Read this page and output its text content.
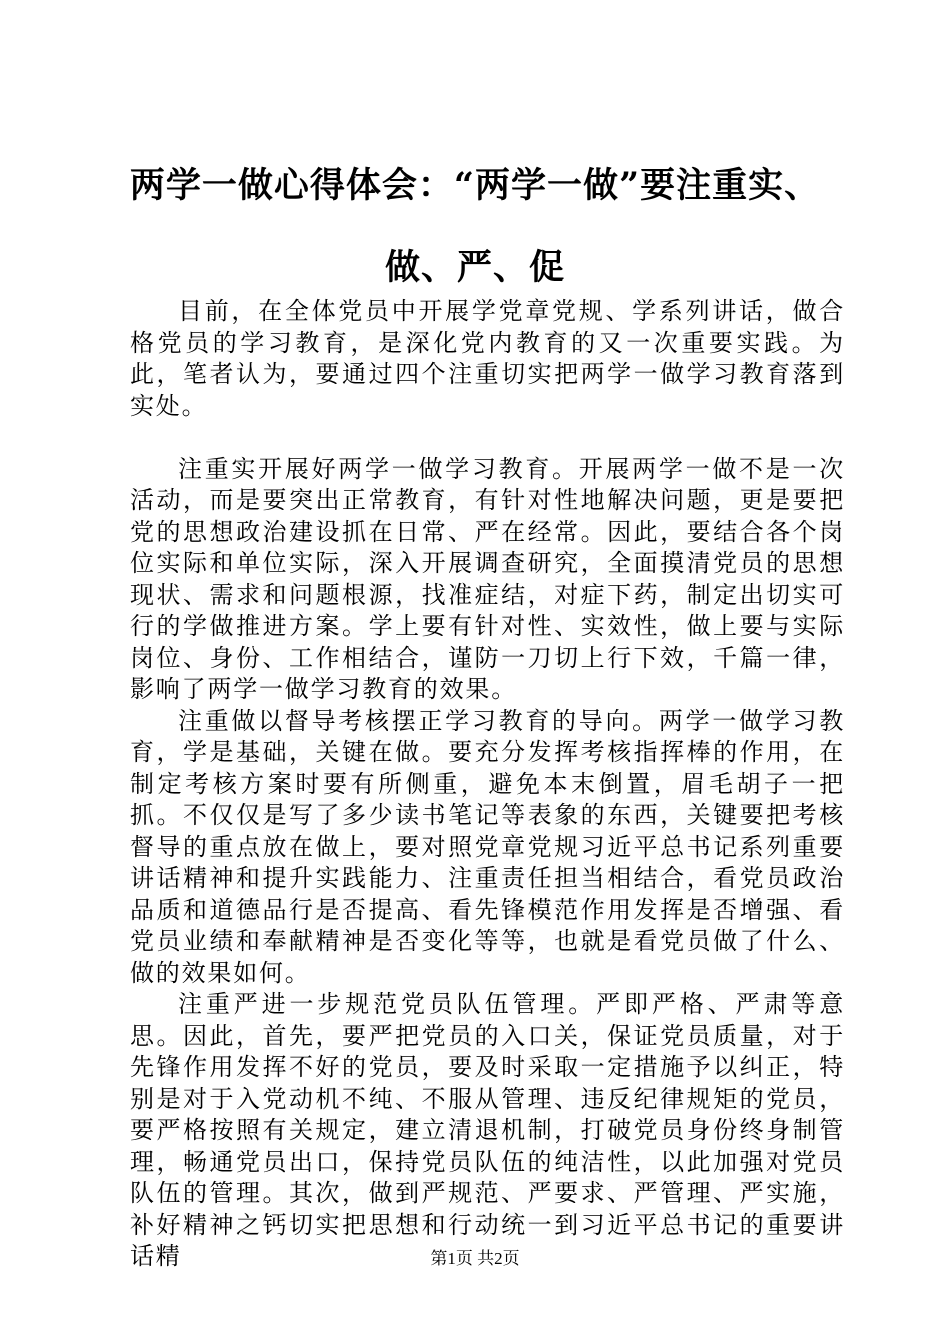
两学一做心得体会：“两学一做”要注重实、
做、严、促

目前，在全体党员中开展学党章党规、学系列讲话，做合格党员的学习教育，是深化党内教育的又一次重要实践。为此，笔者认为，要通过四个注重切实把两学一做学习教育落到实处。

注重实开展好两学一做学习教育。开展两学一做不是一次活动，而是要突出正常教育，有针对性地解决问题，更是要把党的思想政治建设抓在日常、严在经常。因此，要结合各个岗位实际和单位实际，深入开展调查研究，全面摸清党员的思想现状、需求和问题根源，找准症结，对症下药，制定出切实可行的学做推进方案。学上要有针对性、实效性，做上要与实际岗位、身份、工作相结合，谨防一刀切上行下效，千篇一律，影响了两学一做学习教育的效果。

注重做以督导考核摆正学习教育的导向。两学一做学习教育，学是基础，关键在做。要充分发挥考核指挥棒的作用，在制定考核方案时要有所侧重，避免本末倒置，眉毛胡子一把抓。不仅仅是写了多少读书笔记等表象的东西，关键要把考核督导的重点放在做上，要对照党章党规习近平总书记系列重要讲话精神和提升实践能力、注重责任担当相结合，看党员政治品质和道德品行是否提高、看先锋模范作用发挥是否增强、看党员业绩和奉献精神是否变化等等，也就是看党员做了什么、做的效果如何。

注重严进一步规范党员队伍管理。严即严格、严肃等意思。因此，首先，要严把党员的入口关，保证党员质量，对于先锋作用发挥不好的党员，要及时采取一定措施予以纠正，特别是对于入党动机不纯、不服从管理、违反纪律规矩的党员，要严格按照有关规定，建立清退机制，打破党员身份终身制管理，畅通党员出口，保持党员队伍的纯洁性，以此加强对党员队伍的管理。其次，做到严规范、严要求、严管理、严实施，补好精神之钙切实把思想和行动统一到习近平总书记的重要讲话精	第1页 共2页
